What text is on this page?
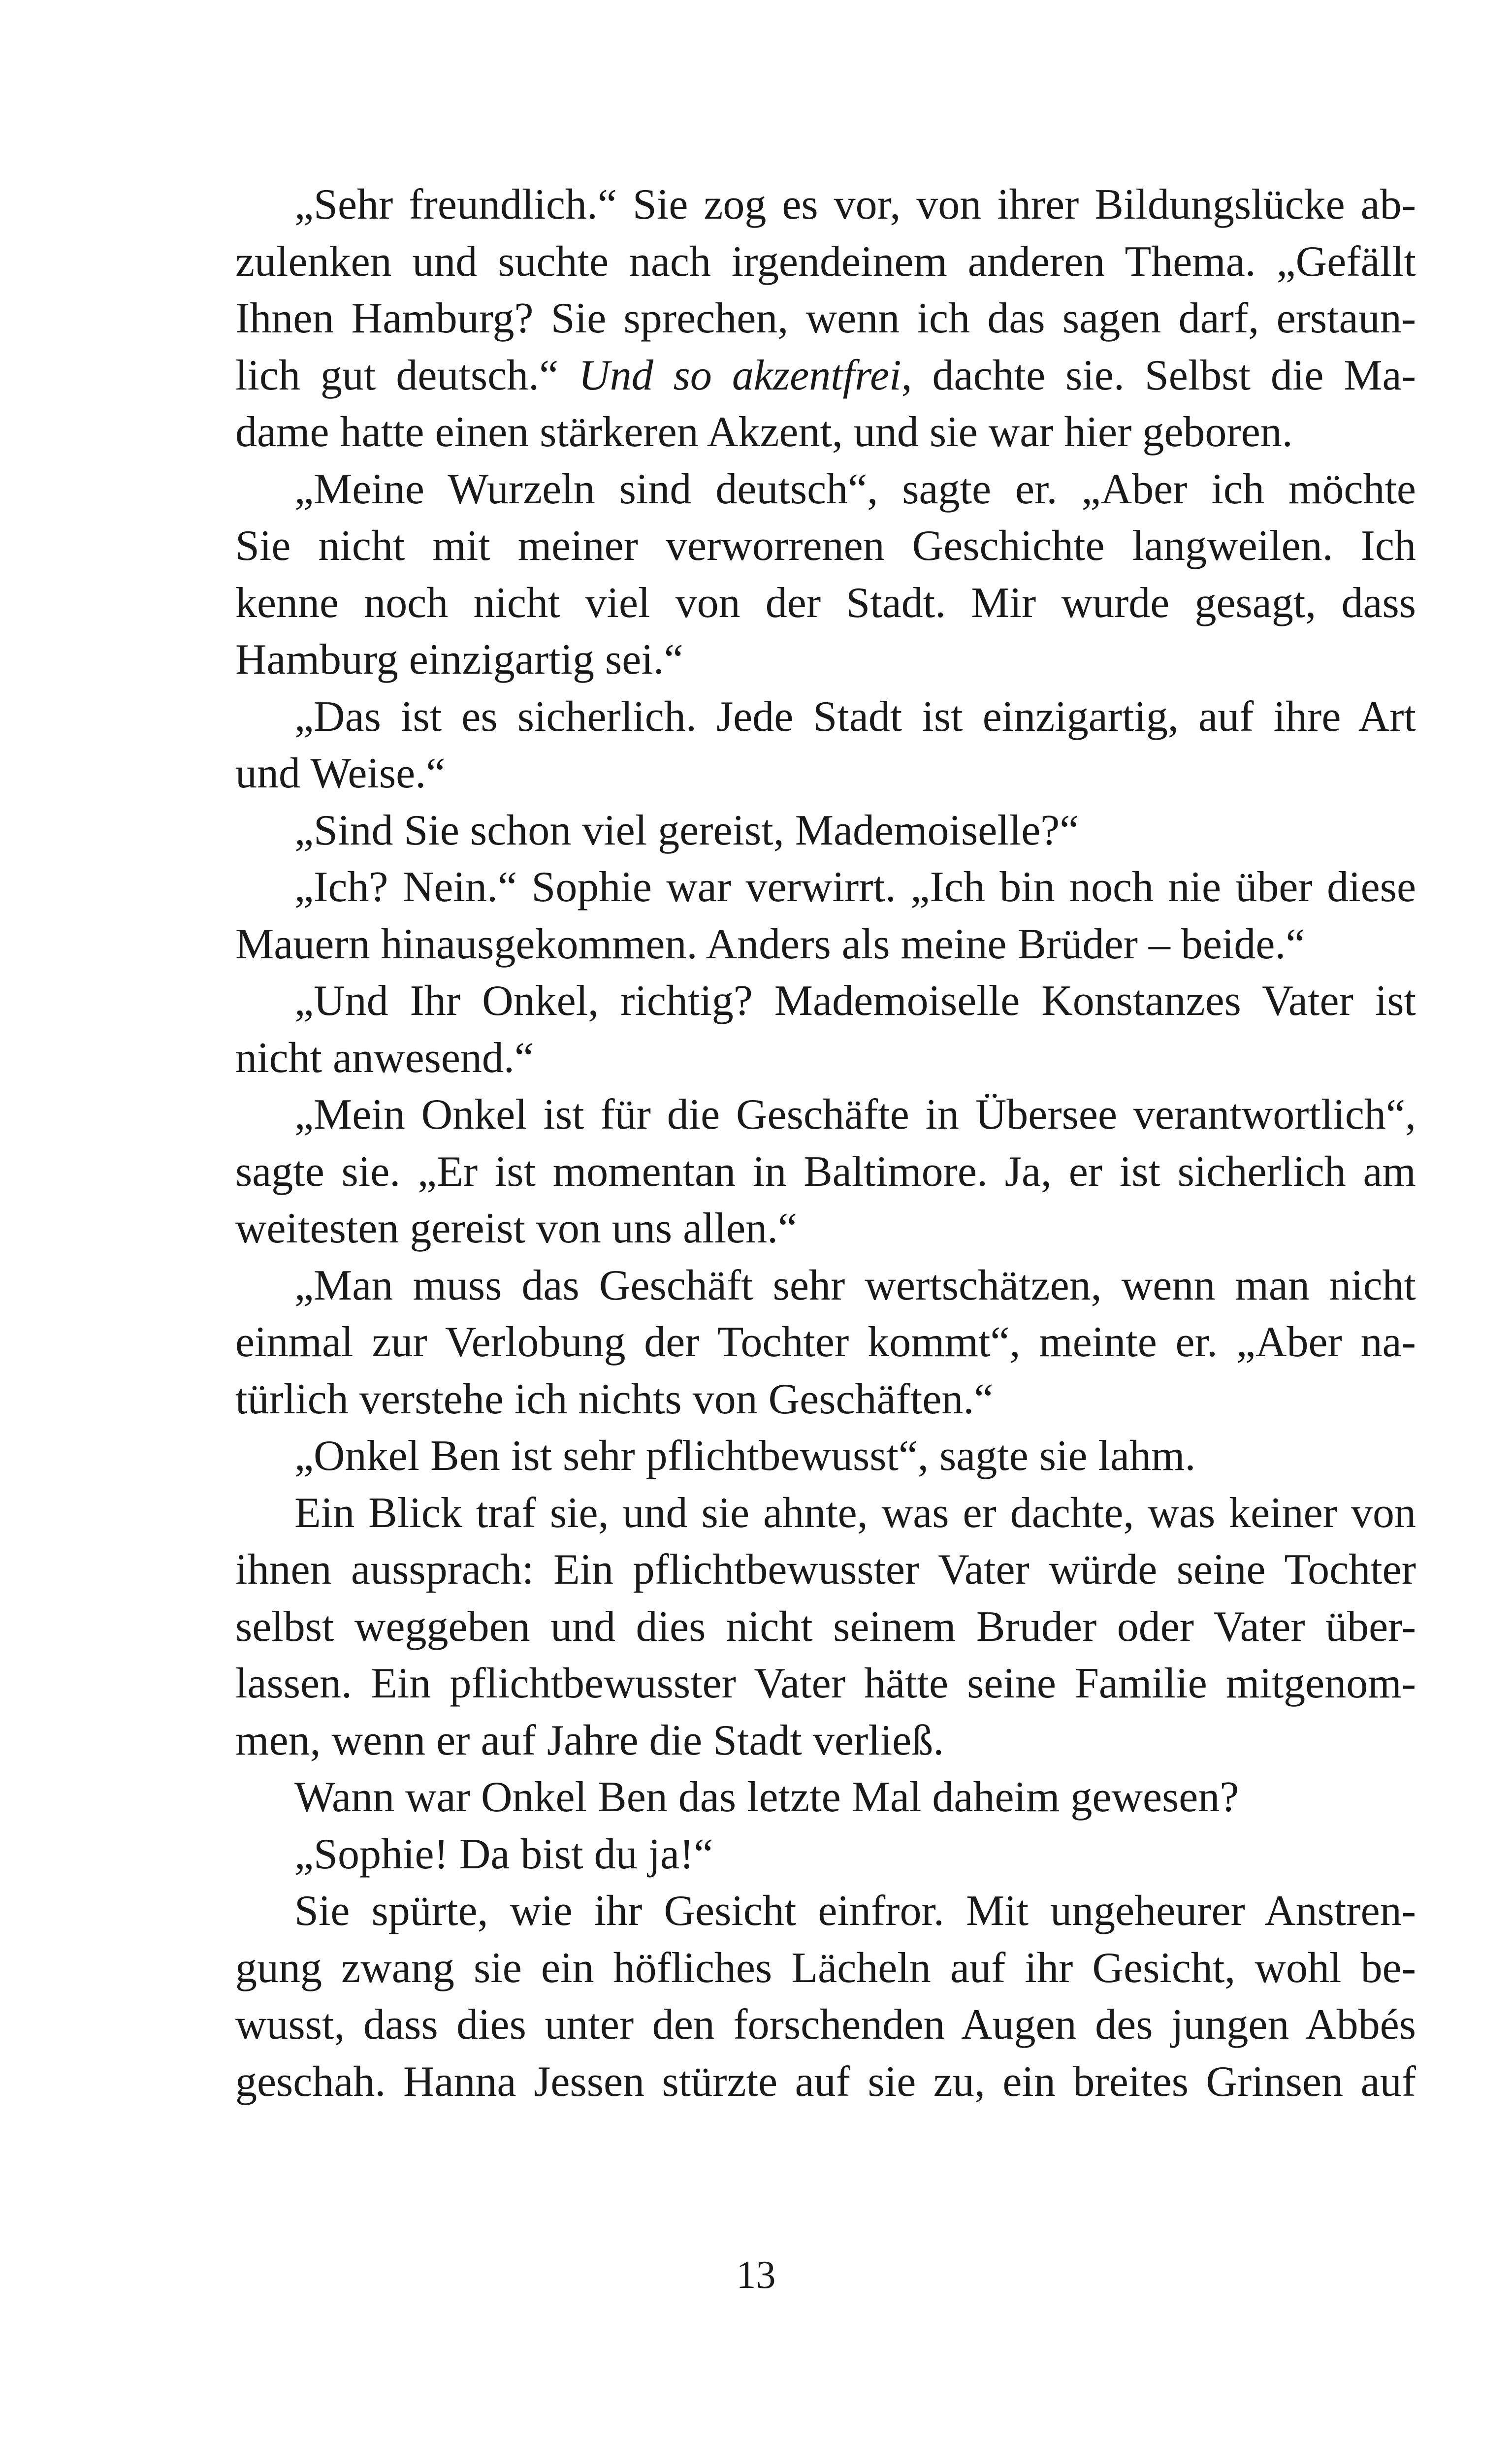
„Sehr freundlich.“ Sie zog es vor, von ihrer Bildungslücke ab-
zulenken und suchte nach irgendeinem anderen Thema. „Gefällt
Ihnen Hamburg? Sie sprechen, wenn ich das sagen darf, erstaun-
lich gut deutsch.“ Und so akzentfrei, dachte sie. Selbst die Ma-
dame hatte einen stärkeren Akzent, und sie war hier geboren.
„Meine Wurzeln sind deutsch“, sagte er. „Aber ich möchte
Sie nicht mit meiner verworrenen Geschichte langweilen. Ich
kenne noch nicht viel von der Stadt. Mir wurde gesagt, dass
Hamburg einzigartig sei.“
„Das ist es sicherlich. Jede Stadt ist einzigartig, auf ihre Art
und Weise.“
„Sind Sie schon viel gereist, Mademoiselle?“
„Ich? Nein.“ Sophie war verwirrt. „Ich bin noch nie über diese
Mauern hinausgekommen. Anders als meine Brüder – beide.“
„Und Ihr Onkel, richtig? Mademoiselle Konstanzes Vater ist
nicht anwesend.“
„Mein Onkel ist für die Geschäfte in Übersee verantwortlich“,
sagte sie. „Er ist momentan in Baltimore. Ja, er ist sicherlich am
weitesten gereist von uns allen.“
„Man muss das Geschäft sehr wertschätzen, wenn man nicht
einmal zur Verlobung der Tochter kommt“, meinte er. „Aber na-
türlich verstehe ich nichts von Geschäften.“
„Onkel Ben ist sehr pflichtbewusst“, sagte sie lahm.
Ein Blick traf sie, und sie ahnte, was er dachte, was keiner von
ihnen aussprach: Ein pflichtbewusster Vater würde seine Tochter
selbst weggeben und dies nicht seinem Bruder oder Vater über-
lassen. Ein pflichtbewusster Vater hätte seine Familie mitgenom-
men, wenn er auf Jahre die Stadt verließ.
Wann war Onkel Ben das letzte Mal daheim gewesen?
„Sophie! Da bist du ja!“
Sie spürte, wie ihr Gesicht einfror. Mit ungeheurer Anstren-
gung zwang sie ein höfliches Lächeln auf ihr Gesicht, wohl be-
wusst, dass dies unter den forschenden Augen des jungen Abbés
geschah. Hanna Jessen stürzte auf sie zu, ein breites Grinsen auf
13
